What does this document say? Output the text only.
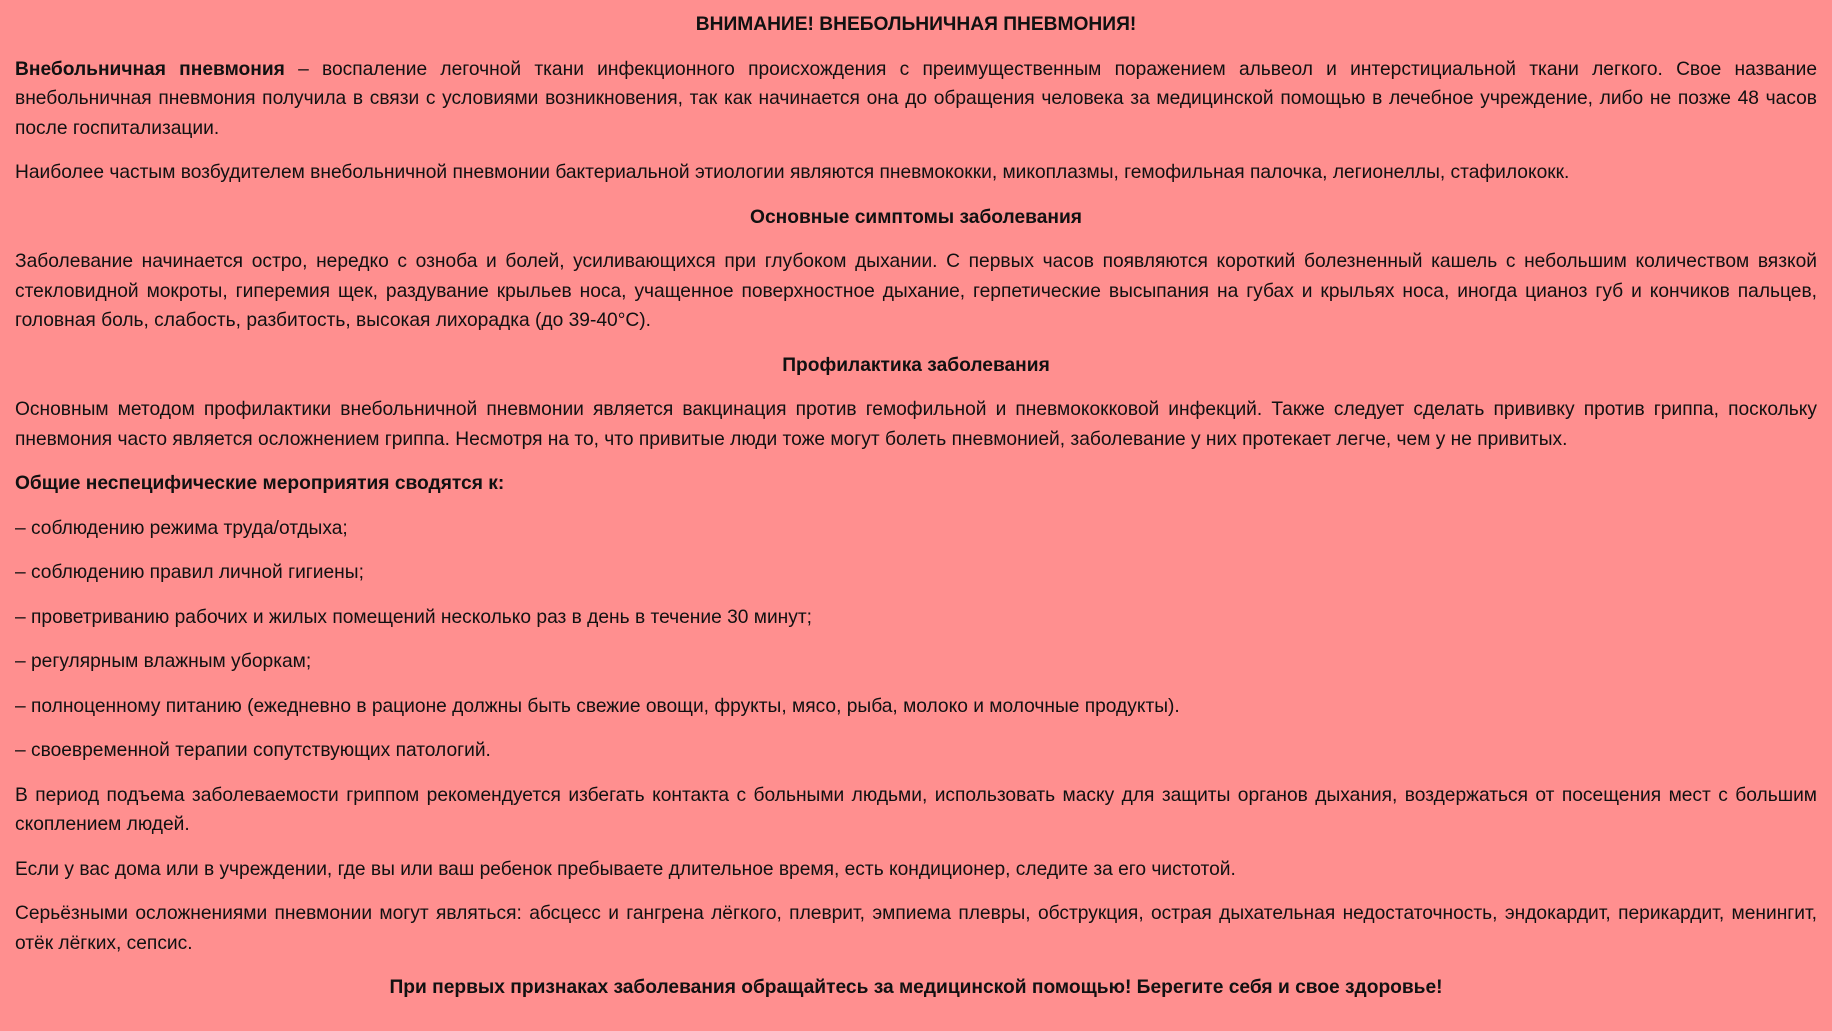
ВНИМАНИЕ! ВНЕБОЛЬНИЧНАЯ ПНЕВМОНИЯ!

Внебольничная пневмония – воспаление легочной ткани инфекционного происхождения с преимущественным поражением альвеол и интерстициальной ткани легкого. Свое название внебольничная пневмония получила в связи с условиями возникновения, так как начинается она до обращения человека за медицинской помощью в лечебное учреждение, либо не позже 48 часов после госпитализации.

Наиболее частым возбудителем внебольничной пневмонии бактериальной этиологии являются пневмококки, микоплазмы, гемофильная палочка, легионеллы, стафилококк.

Основные симптомы заболевания

Заболевание начинается остро, нередко с озноба и болей, усиливающихся при глубоком дыхании. С первых часов появляются короткий болезненный кашель с небольшим количеством вязкой стекловидной мокроты, гиперемия щек, раздувание крыльев носа, учащенное поверхностное дыхание, герпетические высыпания на губах и крыльях носа, иногда цианоз губ и кончиков пальцев, головная боль, слабость, разбитость, высокая лихорадка (до 39-40°С).

Профилактика заболевания

Основным методом профилактики внебольничной пневмонии является вакцинация против гемофильной и пневмококковой инфекций. Также следует сделать прививку против гриппа, поскольку пневмония часто является осложнением гриппа. Несмотря на то, что привитые люди тоже могут болеть пневмонией, заболевание у них протекает легче, чем у не привитых.

Общие неспецифические мероприятия сводятся к:

– соблюдению режима труда/отдыха;

– соблюдению правил личной гигиены;

– проветриванию рабочих и жилых помещений несколько раз в день в течение 30 минут;

– регулярным влажным уборкам;

– полноценному питанию (ежедневно в рационе должны быть свежие овощи, фрукты, мясо, рыба, молоко и молочные продукты).

– своевременной терапии сопутствующих патологий.

В период подъема заболеваемости гриппом рекомендуется избегать контакта с больными людьми, использовать маску для защиты органов дыхания, воздержаться от посещения мест с большим скоплением людей.

Если у вас дома или в учреждении, где вы или ваш ребенок пребываете длительное время, есть кондиционер, следите за его чистотой.

Серьёзными осложнениями пневмонии могут являться: абсцесс и гангрена лёгкого, плеврит, эмпиема плевры, обструкция, острая дыхательная недостаточность, эндокардит, перикардит, менингит, отёк лёгких, сепсис.

При первых признаках заболевания обращайтесь за медицинской помощью! Берегите себя и свое здоровье!
